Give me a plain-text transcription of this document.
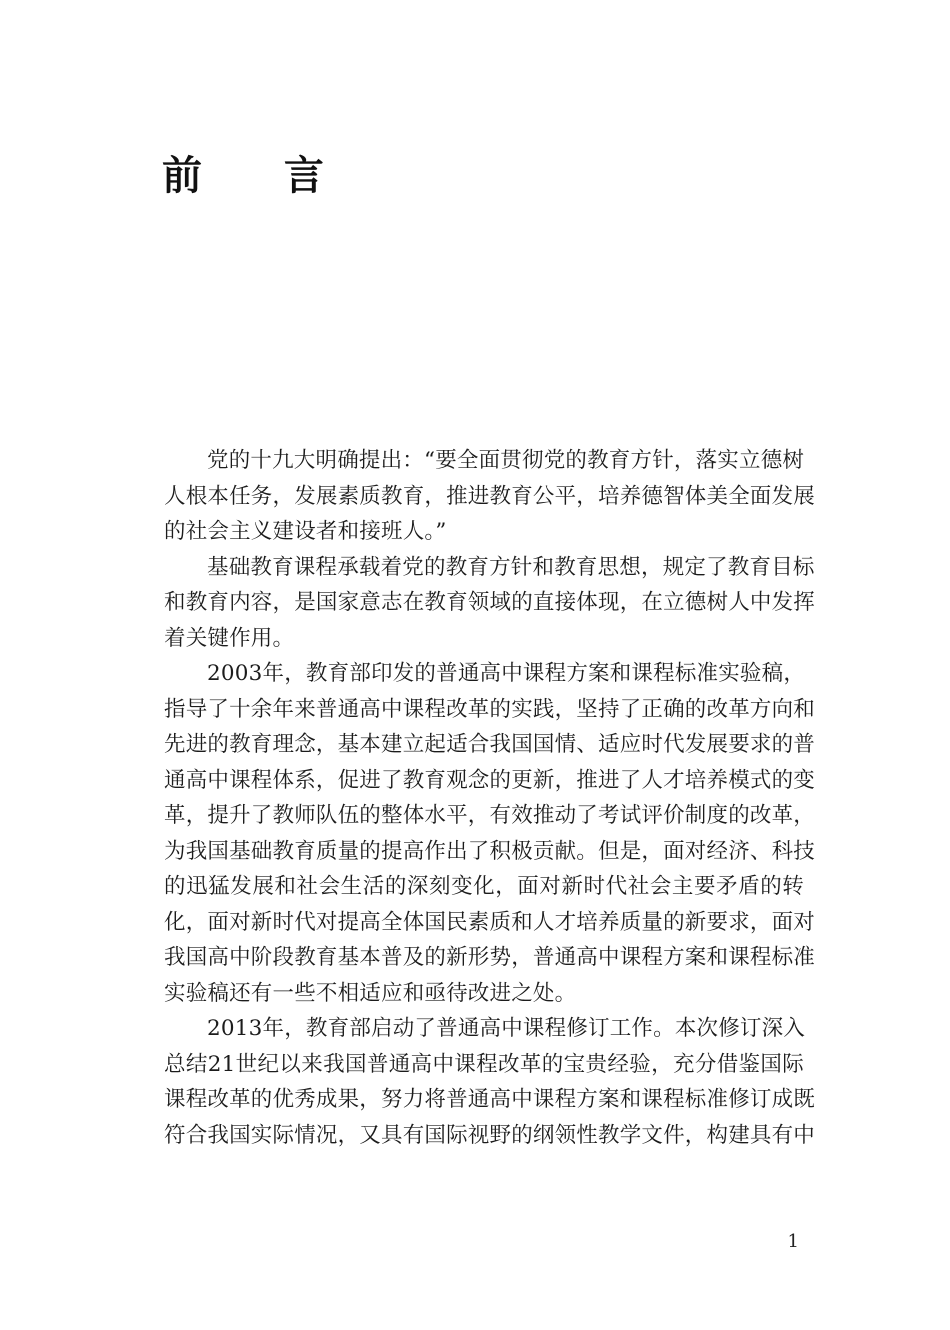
前 言
党的十九大明确提出：“要全面贯彻党的教育方针，落实立德树
人根本任务，发展素质教育，推进教育公平，培养德智体美全面发展
的社会主义建设者和接班人。”
基础教育课程承载着党的教育方针和教育思想，规定了教育目标
和教育内容，是国家意志在教育领域的直接体现，在立德树人中发挥
着关键作用。
2003年，教育部印发的普通高中课程方案和课程标准实验稿，
指导了十余年来普通高中课程改革的实践，坚持了正确的改革方向和
先进的教育理念，基本建立起适合我国国情、适应时代发展要求的普
通高中课程体系，促进了教育观念的更新，推进了人才培养模式的变
革，提升了教师队伍的整体水平，有效推动了考试评价制度的改革，
为我国基础教育质量的提高作出了积极贡献。但是，面对经济、科技
的迅猛发展和社会生活的深刻变化，面对新时代社会主要矛盾的转
化，面对新时代对提高全体国民素质和人才培养质量的新要求，面对
我国高中阶段教育基本普及的新形势，普通高中课程方案和课程标准
实验稿还有一些不相适应和亟待改进之处。
2013年，教育部启动了普通高中课程修订工作。本次修订深入
总结21世纪以来我国普通高中课程改革的宝贵经验，充分借鉴国际
课程改革的优秀成果，努力将普通高中课程方案和课程标准修订成既
符合我国实际情况，又具有国际视野的纲领性教学文件，构建具有中
1
